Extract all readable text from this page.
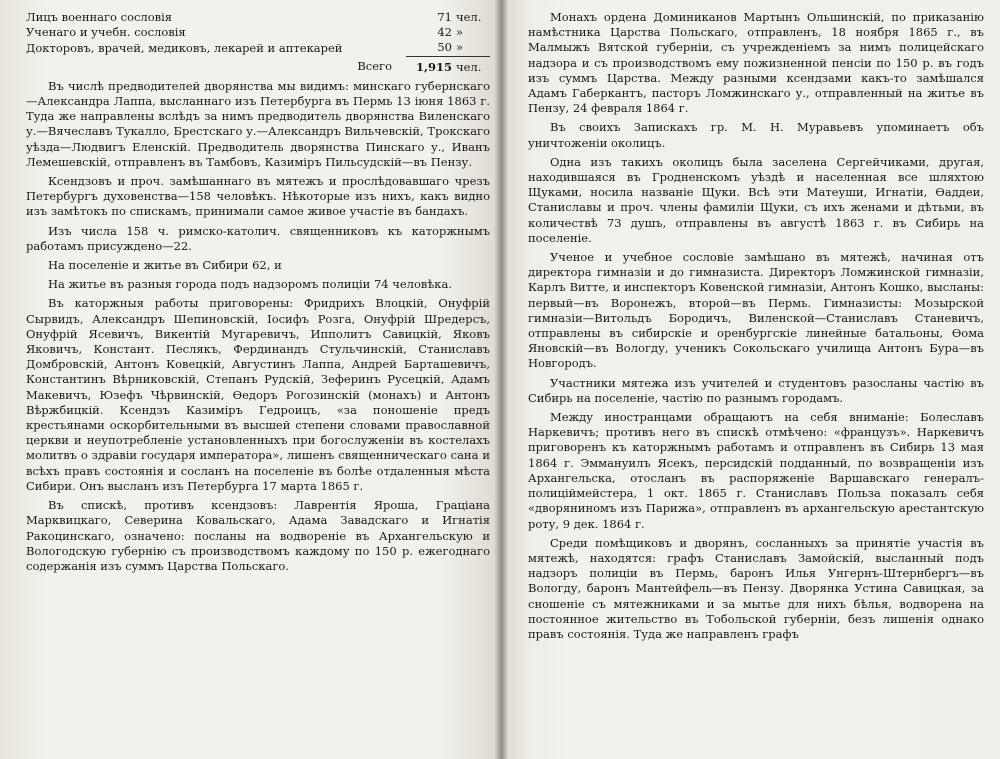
Лицъ военнаго сословія	71	чел.
Ученаго и учебн. сословія	42	»
Докторовъ, врачей, медиковъ, лекарей и аптекарей	50	»
Всего	1,915	чел.

Въ числѣ предводителей дворянства мы видимъ: минскаго губернскаго—Александра Лаппа, высланнаго изъ Петербурга въ Пермь 13 іюня 1863 г. Туда же направлены вслѣдъ за нимъ предводитель дворянства Виленскаго у.—Вячеславъ Тукалло, Брестскаго у.—Александръ Вильчевскій, Трокскаго уѣзда—Людвигъ Еленскій. Предводитель дворянства Пинскаго у., Иванъ Лемешевскій, отправленъ въ Тамбовъ, Казиміръ Пильсудскій—въ Пензу.

Ксендзовъ и проч. замѣшаннаго въ мятежъ и прослѣдовавшаго чрезъ Петербургъ духовенства—158 человѣкъ. Нѣкоторые изъ нихъ, какъ видно изъ замѣтокъ по спискамъ, принимали самое живое участіе въ бандахъ.

Изъ числа 158 ч. римско-католич. священниковъ къ каторжнымъ работамъ присуждено—22.

На поселеніе и житье въ Сибири 62, и

На житье въ разныя города подъ надзоромъ полиціи 74 человѣка.

Въ каторжныя работы приговорены: Фридрихъ Влоцкій, Онуфрій Сырвидъ, Александръ Шепиновскій, Іосифъ Розга, Онуфрій Шредерсъ, Онуфрій Ясевичъ, Викентій Мугаревичъ, Ипполитъ Савицкій, Яковъ Яковичъ, Констант. Песлякъ, Фердинандъ Стульчинскій, Станиславъ Домбровскій, Антонъ Ковецкій, Августинъ Лаппа, Андрей Барташевичъ, Константинъ Вѣрниковскій, Степанъ Рудскій, Зеферинъ Русецкій, Адамъ Макевичъ, Юзефъ Чѣрвинскій, Ѳедоръ Рогозинскій (монахъ) и Антонъ Вѣржбицкій. Ксендзъ Казиміръ Гедроицъ, «за поношеніе предъ крестьянами оскорбительными въ высшей степени словами православной церкви и неупотребленіе установленныхъ при богослуженіи въ костелахъ молитвъ о здравіи государя императора», лишенъ священническаго сана и всѣхъ правъ состоянія и сосланъ на поселеніе въ болѣе отдаленныя мѣста Сибири. Онъ высланъ изъ Петербурга 17 марта 1865 г.

Въ спискѣ, противъ ксендзовъ: Лаврентія Ярошa, Граціана Марквицкаго, Северина Ковальскаго, Адама Завадскаго и Игнатія Ракоцинскаго, означено: посланы на водвореніе въ Архангельскую и Вологодскую губернію съ производствомъ каждому по 150 р. ежегоднаго содержанія изъ суммъ Царства Польскаго.

Монахъ ордена Доминиканов Мартынъ Ольшинскій, по приказанію намѣстника Царства Польскаго, отправленъ, 18 ноября 1865 г., въ Малмыжъ Вятской губерніи, съ учрежденіемъ за нимъ полицейскаго надзора и съ производствомъ ему пожизненной пенсіи по 150 р. въ годъ изъ суммъ Царства. Между разными ксендзами какъ-то замѣшался Адамъ Габеркантъ, пасторъ Ломжинскаго у., отправленный на житье въ Пензу, 24 февраля 1864 г.

Въ своихъ Запискахъ гр. М. Н. Муравьевъ упоминаетъ объ уничтоженіи околицъ.

Одна изъ такихъ околицъ была заселена Сергейчиками, другая, находившаяся въ Гродненскомъ уѣздѣ и населенная все шляхтою Щуками, носила названіе Щуки. Всѣ эти Матеуши, Игнатіи, Ѳаддеи, Станиславы и проч. члены фамиліи Щуки, съ ихъ женами и дѣтьми, въ количествѣ 73 душъ, отправлены въ августѣ 1863 г. въ Сибирь на поселеніе.

Ученое и учебное сословіе замѣшано въ мятежѣ, начиная отъ директора гимназіи и до гимназиста. Директоръ Ломжинской гимназіи, Карлъ Витте, и инспекторъ Ковенской гимназіи, Антонъ Кошко, высланы: первый—въ Воронежъ, второй—въ Пермь. Гимназисты: Мозырской гимназіи—Витольдъ Бородичъ, Виленской—Станиславъ Станевичъ, отправлены въ сибирскіе и оренбургскіе линейные батальоны, Ѳома Яновскій—въ Вологду, ученикъ Сокольскаго училища Антонъ Бура—въ Новгородъ.

Участники мятежа изъ учителей и студентовъ разосланы частію въ Сибирь на поселеніе, частію по разнымъ городамъ.

Между иностранцами обращаютъ на себя вниманіе: Болеславъ Наркевичъ; противъ него въ спискѣ отмѣчено: «французъ». Наркевичъ приговоренъ къ каторжнымъ работамъ и отправленъ въ Сибирь 13 мая 1864 г. Эммануилъ Ясекъ, персидскій подданный, по возвращеніи изъ Архангельска, отосланъ въ распоряженіе Варшавскаго генералъ-полиціймейстера, 1 окт. 1865 г. Станиславъ Польза показалъ себя «дворяниномъ изъ Парижа», отправленъ въ архангельскую арестантскую роту, 9 дек. 1864 г.

Среди помѣщиковъ и дворянъ, сосланныхъ за принятіе участія въ мятежѣ, находятся: графъ Станиславъ Замойскій, высланный подъ надзоръ полиціи въ Пермь, баронъ Илья Унгернъ-Штернбергъ—въ Вологду, баронъ Мантейфель—въ Пензу. Дворянка Устина Савицкая, за сношеніе съ мятежниками и за мытье для нихъ бѣлья, водворена на постоянное жительство въ Тобольской губерніи, безъ лишенія однако правъ состоянія. Туда же направленъ графъ
